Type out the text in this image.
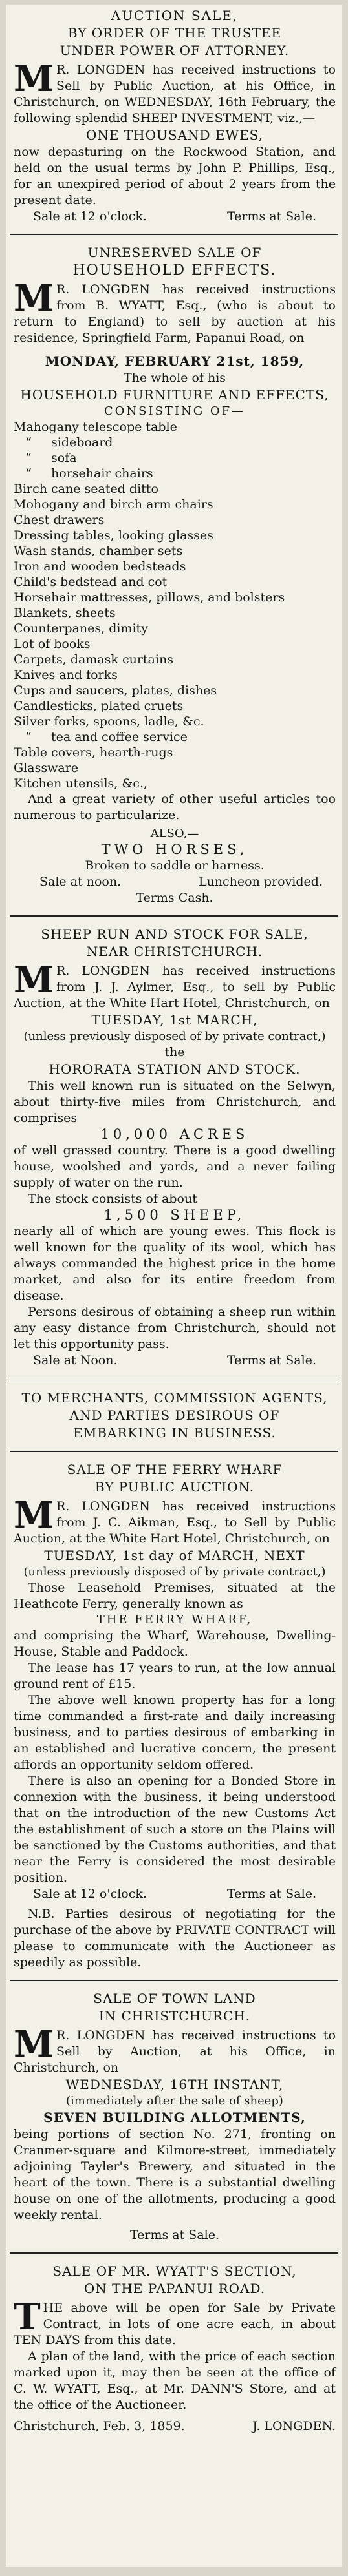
AUCTION SALE,
BY ORDER OF THE TRUSTEE
UNDER POWER OF ATTORNEY.
M R. LONGDEN has received instructions to Sell by Public Auction, at his Office, in Christchurch, on WEDNESDAY, 16th February, the following splendid SHEEP INVESTMENT, viz.,—
ONE THOUSAND EWES,
now depasturing on the Rockwood Station, and held on the usual terms by John P. Phillips, Esq., for an unexpired period of about 2 years from the present date.
Sale at 12 o'clock.	Terms at Sale.
UNRESERVED SALE OF
HOUSEHOLD EFFECTS.
M R. LONGDEN has received instructions from B. WYATT, Esq., (who is about to return to England) to sell by auction at his residence, Springfield Farm, Papanui Road, on
MONDAY, FEBRUARY 21st, 1859,
The whole of his
HOUSEHOLD FURNITURE AND EFFECTS,
CONSISTING OF—
Mahogany telescope table
“     sideboard
“     sofa
“     horsehair chairs
Birch cane seated ditto
Mohogany and birch arm chairs
Chest drawers
Dressing tables, looking glasses
Wash stands, chamber sets
Iron and wooden bedsteads
Child's bedstead and cot
Horsehair mattresses, pillows, and bolsters
Blankets, sheets
Counterpanes, dimity
Lot of books
Carpets, damask curtains
Knives and forks
Cups and saucers, plates, dishes
Candlesticks, plated cruets
Silver forks, spoons, ladle, &c.
“     tea and coffee service
Table covers, hearth-rugs
Glassware
Kitchen utensils, &c.,
And a great variety of other useful articles too numerous to particularize.
ALSO,—
TWO HORSES,
Broken to saddle or harness.
Sale at noon.	Luncheon provided.
Terms Cash.
SHEEP RUN AND STOCK FOR SALE,
NEAR CHRISTCHURCH.
M R. LONGDEN has received instructions from J. J. Aylmer, Esq., to sell by Public Auction, at the White Hart Hotel, Christchurch, on
TUESDAY, 1st MARCH,
(unless previously disposed of by private contract,)
the
HORORATA STATION AND STOCK.
This well known run is situated on the Selwyn, about thirty-five miles from Christchurch, and comprises
10,000 ACRES
of well grassed country. There is a good dwelling house, woolshed and yards, and a never failing supply of water on the run.
The stock consists of about
1,500 SHEEP,
nearly all of which are young ewes. This flock is well known for the quality of its wool, which has always commanded the highest price in the home market, and also for its entire freedom from disease.
Persons desirous of obtaining a sheep run within any easy distance from Christchurch, should not let this opportunity pass.
Sale at Noon.	Terms at Sale.
TO MERCHANTS, COMMISSION AGENTS,
AND PARTIES DESIROUS OF
EMBARKING IN BUSINESS.
SALE OF THE FERRY WHARF
BY PUBLIC AUCTION.
M R. LONGDEN has received instructions from J. C. Aikman, Esq., to Sell by Public Auction, at the White Hart Hotel, Christchurch, on
TUESDAY, 1st day of MARCH, NEXT
(unless previously disposed of by private contract,)
Those Leasehold Premises, situated at the Heathcote Ferry, generally known as
THE FERRY WHARF,
and comprising the Wharf, Warehouse, Dwelling-House, Stable and Paddock.
The lease has 17 years to run, at the low annual ground rent of £15.
The above well known property has for a long time commanded a first-rate and daily increasing business, and to parties desirous of embarking in an established and lucrative concern, the present affords an opportunity seldom offered.
There is also an opening for a Bonded Store in connexion with the business, it being understood that on the introduction of the new Customs Act the establishment of such a store on the Plains will be sanctioned by the Customs authorities, and that near the Ferry is considered the most desirable position.
Sale at 12 o'clock.	Terms at Sale.
N.B. Parties desirous of negotiating for the purchase of the above by PRIVATE CONTRACT will please to communicate with the Auctioneer as speedily as possible.
SALE OF TOWN LAND
IN CHRISTCHURCH.
M R. LONGDEN has received instructions to Sell by Auction, at his Office, in Christchurch, on
WEDNESDAY, 16TH INSTANT,
(immediately after the sale of sheep)
SEVEN BUILDING ALLOTMENTS,
being portions of section No. 271, fronting on Cranmer-square and Kilmore-street, immediately adjoining Tayler's Brewery, and situated in the heart of the town. There is a substantial dwelling house on one of the allotments, producing a good weekly rental.
Terms at Sale.
SALE OF MR. WYATT'S SECTION,
ON THE PAPANUI ROAD.
THE above will be open for Sale by Private Contract, in lots of one acre each, in about TEN DAYS from this date.
A plan of the land, with the price of each section marked upon it, may then be seen at the office of C. W. WYATT, Esq., at Mr. DANN'S Store, and at the office of the Auctioneer.
Christchurch, Feb. 3, 1859.	J. LONGDEN.
